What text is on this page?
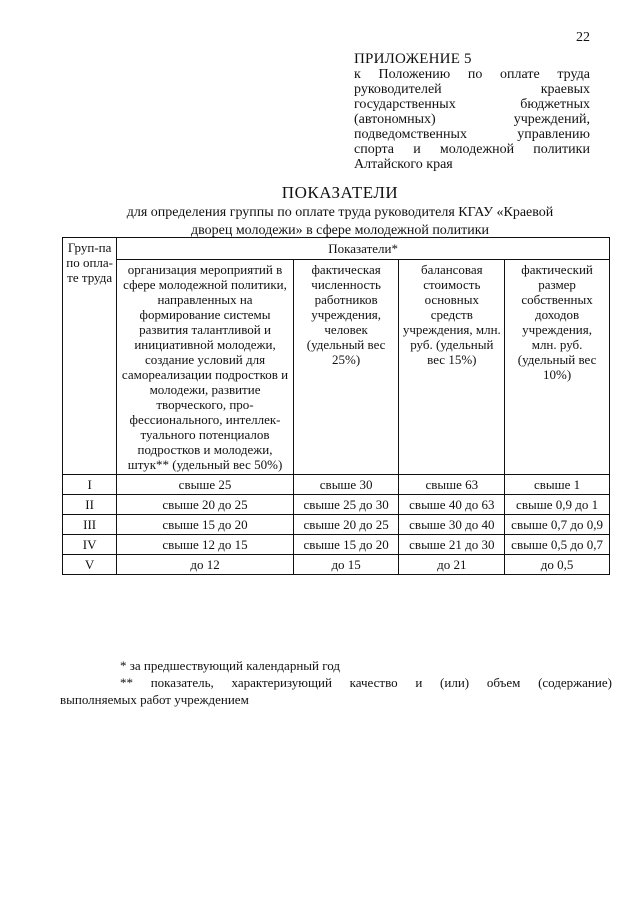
22
ПРИЛОЖЕНИЕ 5
к Положению по оплате труда
руководителей	краевых
государственных	бюджетных
(автономных)	учреждений,
подведомственных	управлению
спорта и молодежной политики
Алтайского края
ПОКАЗАТЕЛИ
для определения группы по оплате труда руководителя КГАУ «Краевой
дворец молодежи» в сфере молодежной политики
Груп-па по опла-те труда	Показатели*			
	организация мероприятий в сфере молодежной политики, направленных на формирование системы развития талантливой и инициативной молодежи, создание условий для самореализации подростков и молодежи, развитие творческого, про-фессионального, интеллек-туального потенциалов подростков и молодежи, штук** (удельный вес 50%)	фактическая численность работников учреждения, человек (удельный вес 25%)	балансовая стоимость основных средств учреждения, млн. руб. (удельный вес 15%)	фактический размер собственных доходов учреждения, млн. руб. (удельный вес 10%)
I	свыше 25	свыше 30	свыше 63	свыше 1
II	свыше 20 до 25	свыше 25 до 30	свыше 40 до 63	свыше 0,9 до 1
III	свыше 15 до 20	свыше 20 до 25	свыше 30 до 40	свыше 0,7 до 0,9
IV	свыше 12 до 15	свыше 15 до 20	свыше 21 до 30	свыше 0,5 до 0,7
V	до 12	до 15	до 21	до 0,5
* за предшествующий календарный год
** показатель, характеризующий качество и (или) объем (содержание)
выполняемых работ учреждением
